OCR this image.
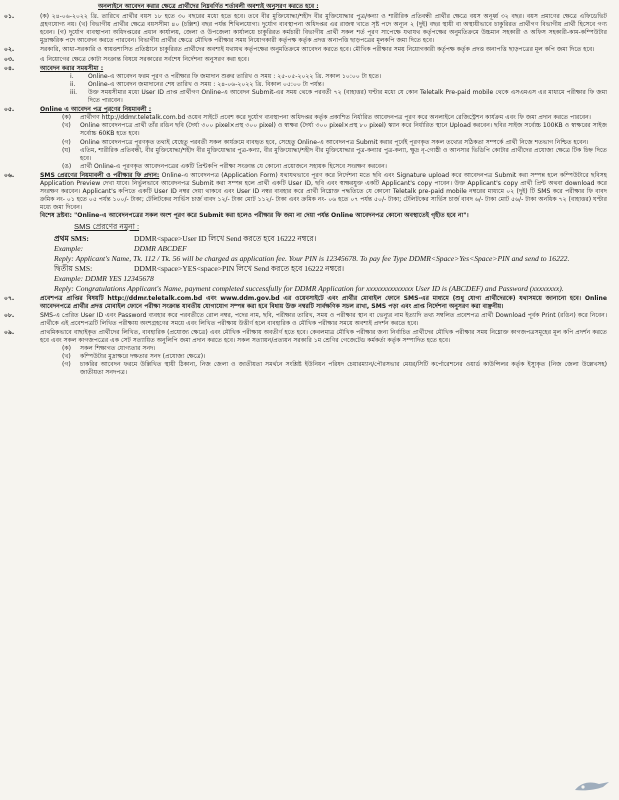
অনলাইনে আবেদন করার ক্ষেত্রে প্রার্থীদের নিম্নবর্ণিত শর্তাবলী অবশ্যই অনুসরণ করতে হবে :
০১.	(ক) ২৪-০৬-২০২২ খ্রি. তারিখে প্রার্থীর বয়স ১৮ হতে ৩০ বছরের মধ্যে হতে হবে। তবে বীর মুক্তিযোদ্ধা/শহীদ বীর মুক্তিযোদ্ধার পুত্র/কন্যা ও শারীরিক প্রতিবন্ধী প্রার্থীর ক্ষেত্রে বয়স অনূর্ধ্ব ৩২ বছর। বয়স প্রমাণের ক্ষেত্রে এফিডেভিট গ্রহণযোগ্য নয়। (খ) বিভাগীয় প্রার্থীর ক্ষেত্রে বয়সসীমা ৪০ (চল্লিশ) বছর পর্যন্ত শিথিলযোগ্য। দুর্যোগ ব্যবস্থাপনা অধিদপ্তর এর রাজস্ব খাতে সৃষ্ট পদে অন্যূন ২ (দুই) বছর স্থায়ী বা অস্থায়ীভাবে চাকুরিরত প্রার্থীগণ বিভাগীয় প্রার্থী হিসেবে গণ্য হবেন। (গ) দুর্যোগ ব্যবস্থাপনা অধিদপ্তরের প্রধান কার্যালয়, জেলা ও উপজেলা কার্যালয়ে চাকুরিরত কর্মচারী বিভাগীয় প্রার্থী সকল শর্ত পূরণ সাপেক্ষে যথাযথ কর্তৃপক্ষের অনুমতিক্রমে উচ্চমান সহকারী ও অফিস সহকারী-কাম-কম্পিউটার মুদ্রাক্ষরিক পদে আবেদন করতে পারবেন। বিভাগীয় প্রার্থীর ক্ষেত্রে মৌখিক পরীক্ষার সময় নিয়োগকারী কর্তৃপক্ষ কর্তৃক প্রদত্ত অনাপত্তি ছাড়পত্রের মূলকপি জমা দিতে হবে।

০২.	সরকারি, আধা-সরকারি ও স্বায়ত্তশাসিত প্রতিষ্ঠানে চাকুরিরত প্রার্থীদের অবশ্যই যথাযথ কর্তৃপক্ষের অনুমতিক্রমে আবেদন করতে হবে। মৌখিক পরীক্ষার সময় নিয়োগকারী কর্তৃপক্ষ কর্তৃক প্রদত্ত অনাপত্তি ছাড়পত্রের মূল কপি জমা দিতে হবে।

০৩.	এ নিয়োগের ক্ষেত্রে কোটা সংক্রান্ত বিষয়ে সরকারের সর্বশেষ নির্দেশনা অনুসরণ করা হবে।

০৪.	আবেদন করার সময়সীমা :

i. Online-এ আবেদন ফরম পূরণ ও পরীক্ষার ফি জমাদান শুরুর তারিখ ও সময় : ২৫-০৫-২০২২ খ্রি. সকাল ১০:০০ টা হতে।

ii. Online-এ আবেদন জমাদানের শেষ তারিখ ও সময় : ২৪-০৬-২০২২ খ্রি. বিকাল ০৫:০০ টা পর্যন্ত।

iii. উক্ত সময়সীমার মধ্যে User ID প্রাপ্ত প্রার্থীগণ Online-এ আবেদন Submit-এর সময় থেকে পরবর্তী ৭২ (বাহাত্তর) ঘণ্টার মধ্যে যে কোন Teletalk Pre-paid mobile থেকে এসএমএস এর মাধ্যমে পরীক্ষার ফি জমা দিতে পারবেন।

০৫.	Online এ আবেদন পত্র পূরণের নিয়মাবলী :

(ক) প্রার্থীগণ http://ddmr.teletalk.com.bd ওয়েব সাইটে প্রবেশ করে দুর্যোগ ব্যবস্থাপনা অধিদপ্তর কর্তৃক প্রকাশিত নির্ধারিত আবেদনপত্র পূরণ করে অনলাইনে রেজিস্ট্রেশন কার্যক্রম এবং ফি জমা প্রদান করতে পারবেন।

(খ) Online আবেদনপত্রে প্রার্থী তাঁর রঙিন ছবি (দৈর্ঘ্য ৩০০ pixel×প্রস্থ ৩০০ pixel) ও স্বাক্ষর (দৈর্ঘ্য ৩০০ pixel×প্রস্থ ৮০ pixel) স্ক্যান করে নির্ধারিত স্থানে Upload করবেন। ছবির সাইজ সর্বোচ্চ 100KB ও স্বাক্ষরের সাইজ সর্বোচ্চ 60KB হতে হবে।

(গ) Online আবেদনপত্রে পূরণকৃত তথ্যই যেহেতু পরবর্তী সকল কার্যক্রমে ব্যবহৃত হবে, সেহেতু Online-এ আবেদনপত্র Submit করার পূর্বেই পূরণকৃত সকল তথ্যের সঠিকতা সম্পর্কে প্রার্থী নিজে শতভাগ নিশ্চিত হবেন।

(ঘ) এতিম, শারীরিক প্রতিবন্ধী, বীর মুক্তিযোদ্ধা/শহীদ বীর মুক্তিযোদ্ধার পুত্র-কন্যা, বীর মুক্তিযোদ্ধা/শহীদ বীর মুক্তিযোদ্ধার পুত্র-কন্যার পুত্র-কন্যা, ক্ষুদ্র নৃ-গোষ্ঠী ও আনসার ভিডিপি কোটার প্রার্থীদের প্রযোজ্য ক্ষেত্রে টিক চিহ্ন দিতে হবে।

(ঙ) প্রার্থী Online-এ পূরণকৃত আবেদনপত্রের একটি প্রিন্টকপি পরীক্ষা সংক্রান্ত যে কোনো প্রয়োজনে সহায়ক হিসেবে সংরক্ষণ করবেন।

০৬.	SMS প্রেরণের নিয়মাবলী ও পরীক্ষার ফি প্রদান: Online-এ আবেদনপত্র (Application Form) যথাযথভাবে পূরণ করে নির্দেশনা মতে ছবি এবং Signature upload করে আবেদনপত্র Submit করা সম্পন্ন হলে কম্পিউটারে ছবিসহ Application Preview দেখা যাবে। নির্ভুলভাবে আবেদনপত্র Submit করা সম্পন্ন হলে প্রার্থী একটি User ID, ছবি এবং স্বাক্ষরযুক্ত একটি Applicant's copy পাবেন। উক্ত Applicant's copy প্রার্থী প্রিন্ট অথবা download করে সংরক্ষণ করবেন। Applicant's কপিতে একটি User ID নম্বর দেয়া থাকবে এবং User ID নম্বর ব্যবহার করে প্রার্থী নিম্নোক্ত পদ্ধতিতে যে কোনো Teletalk pre-paid mobile নম্বরের মাধ্যমে ০২ (দুই) টি SMS করে পরীক্ষার ফি বাবদ ক্রমিক নং- ০১ হতে ০৫ পর্যন্ত ১০০/- টাকা; টেলিটকের সার্ভিস চার্জ বাবদ ১২/- টাকা মোট ১১২/- টাকা এবং ক্রমিক নং- ০৬ হতে ০৭ পর্যন্ত ৫০/- টাকা; টেলিটকের সার্ভিস চার্জ বাবদ ৬/- টাকা মোট ৫৬/- টাকা অনধিক ৭২ (বাহাত্তর) ঘণ্টার মধ্যে জমা দিবেন।

বিশেষ দ্রষ্টব্য: "Online-এ আবেদনপত্রের সকল অংশ পূরণ করে Submit করা হলেও পরীক্ষার ফি জমা না দেয়া পর্যন্ত Online আবেদনপত্র কোনো অবস্থাতেই গৃহীত হবে না"।

SMS প্রেরণের নমুনা :

প্রথম SMS:	DDMR<space>User ID লিখে Send করতে হবে 16222 নম্বরে।

Example:	DDMR ABCDEF

Reply: Applicant's Name, Tk. 112 / Tk. 56 will be charged as application fee. Your PIN is 12345678. To pay fee Type DDMR<Space>Yes<Space>PIN and send to 16222.

দ্বিতীয় SMS:	DDMR<space>YES<space>PIN লিখে Send করতে হবে 16222 নম্বরে।

Example: DDMR YES 12345678

Reply: Congratulations Applicant's Name, payment completed successfully for DDMR Application for xxxxxxxxxxxxxx User ID is (ABCDEF) and Password (xxxxxxxx).

০৭.	প্রবেশপত্র প্রাপ্তির বিষয়টি http://ddmr.teletalk.com.bd এবং www.ddm.gov.bd এর ওয়েবসাইটে এবং প্রার্থীর মোবাইল ফোনে SMS-এর মাধ্যমে (শুধু যোগ্য প্রার্থীদেরকে) যথাসময়ে জানানো হবে। Online আবেদনপত্রে প্রার্থীর প্রদত্ত মোবাইল ফোনে পরীক্ষা সংক্রান্ত যাবতীয় যোগাযোগ সম্পন্ন করা হবে বিধায় উক্ত নম্বরটি সার্বক্ষণিক সচল রাখা, SMS পড়া এবং প্রাপ্ত নির্দেশনা অনুসরণ করা বাঞ্ছনীয়।

০৮.	SMS-এ প্রেরিত User ID এবং Password ব্যবহার করে পরবর্তীতে রোল নম্বর, পদের নাম, ছবি, পরীক্ষার তারিখ, সময় ও পরীক্ষার স্থান বা ভেন্যুর নাম ইত্যাদি তথ্য সম্বলিত প্রবেশপত্র প্রার্থী Download পূর্বক Print (রঙিন) করে নিবেন। প্রার্থীকে এই প্রবেশপত্রটি লিখিত পরীক্ষায় অংশগ্রহণের সময়ে এবং লিখিত পরীক্ষায় উত্তীর্ণ হলে ব্যবহারিক ও মৌখিক পরীক্ষার সময়ে অবশ্যই প্রদর্শন করতে হবে।

০৯.	প্রাথমিকভাবে বাছাইকৃত প্রার্থীদের লিখিত, ব্যবহারিক (প্রযোজ্য ক্ষেত্রে) এবং মৌখিক পরীক্ষায় অবতীর্ণ হতে হবে। কেবলমাত্র মৌখিক পরীক্ষার জন্য নির্বাচিত প্রার্থীদের মৌখিক পরীক্ষার সময় নিম্নোক্ত কাগজপত্রসমূহের মূল কপি প্রদর্শন করতে হবে এবং সকল কাগজপত্রের এক সেট সত্যায়িত অনুলিপি জমা প্রদান করতে হবে। সকল সত্যায়ন/প্রত্যয়ন সরকারি ১ম শ্রেণির গেজেটেড কর্মকর্তা কর্তৃক সম্পাদিত হতে হবে।

(ক) সকল শিক্ষাগত যোগ্যতার সনদ।

(খ) কম্পিউটার মুদ্রাক্ষরে দক্ষতার সনদ (প্রযোজ্য ক্ষেত্রে)।

(গ) চাকরির আবেদন ফরমে উল্লিখিত স্থায়ী ঠিকানা, নিজ জেলা ও জাতীয়তা সমর্থনে সংশ্লিষ্ট ইউনিয়ন পরিষদ চেয়ারম্যান/পৌরসভার মেয়র/সিটি কর্পোরেশনের ওয়ার্ড কাউন্সিলর কর্তৃক ইস্যুকৃত (নিজ জেলা উল্লেখসহ) জাতীয়তা সনদপত্র।
